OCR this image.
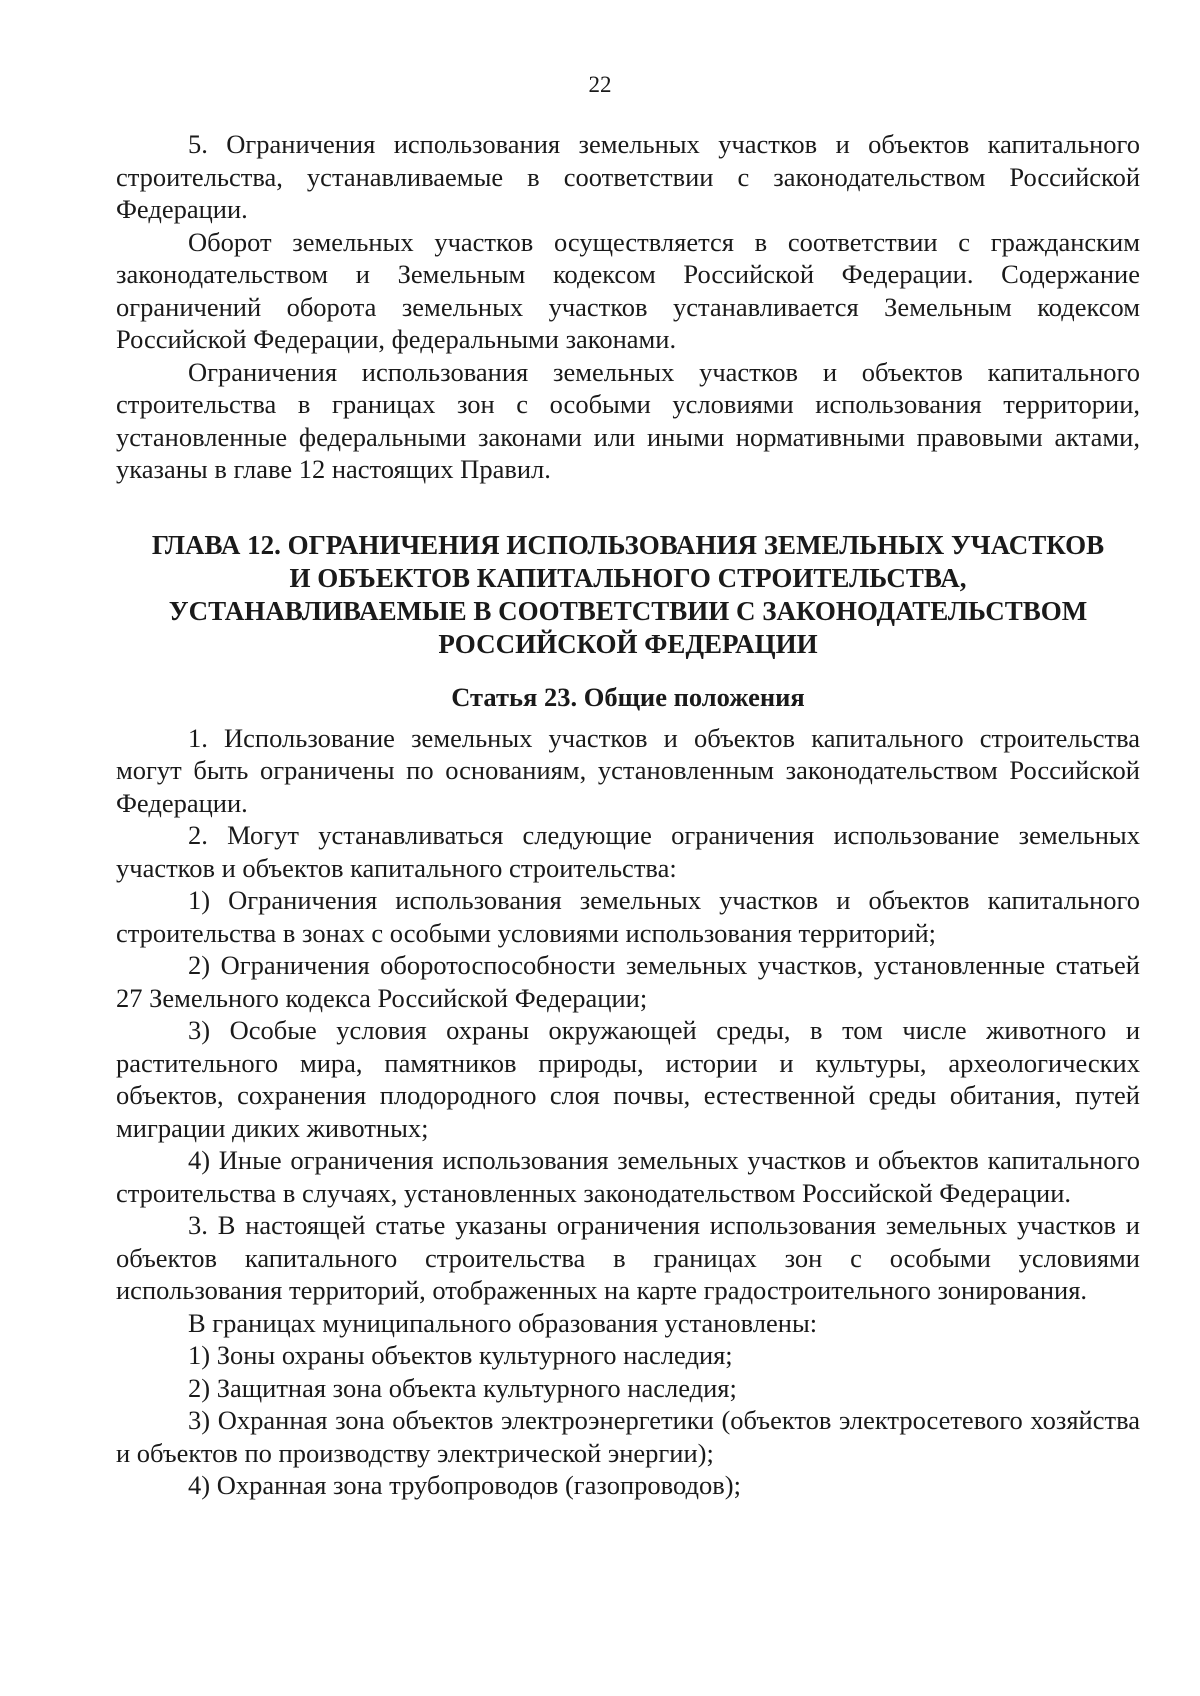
22

5. Ограничения использования земельных участков и объектов капитального строительства, устанавливаемые в соответствии с законодательством Российской Федерации.

Оборот земельных участков осуществляется в соответствии с гражданским законодательством и Земельным кодексом Российской Федерации. Содержание ограничений оборота земельных участков устанавливается Земельным кодексом Российской Федерации, федеральными законами.

Ограничения использования земельных участков и объектов капитального строительства в границах зон с особыми условиями использования территории, установленные федеральными законами или иными нормативными правовыми актами, указаны в главе 12 настоящих Правил.

ГЛАВА 12. ОГРАНИЧЕНИЯ ИСПОЛЬЗОВАНИЯ ЗЕМЕЛЬНЫХ УЧАСТКОВ
И ОБЪЕКТОВ КАПИТАЛЬНОГО СТРОИТЕЛЬСТВА,
УСТАНАВЛИВАЕМЫЕ В СООТВЕТСТВИИ С ЗАКОНОДАТЕЛЬСТВОМ
РОССИЙСКОЙ ФЕДЕРАЦИИ
Статья 23. Общие положения

1. Использование земельных участков и объектов капитального строительства могут быть ограничены по основаниям, установленным законодательством Российской Федерации.

2. Могут устанавливаться следующие ограничения использование земельных участков и объектов капитального строительства:

1) Ограничения использования земельных участков и объектов капитального строительства в зонах с особыми условиями использования территорий;

2) Ограничения оборотоспособности земельных участков, установленные статьей 27 Земельного кодекса Российской Федерации;

3) Особые условия охраны окружающей среды, в том числе животного и растительного мира, памятников природы, истории и культуры, археологических объектов, сохранения плодородного слоя почвы, естественной среды обитания, путей миграции диких животных;

4) Иные ограничения использования земельных участков и объектов капитального строительства в случаях, установленных законодательством Российской Федерации.

3. В настоящей статье указаны ограничения использования земельных участков и объектов капитального строительства в границах зон с особыми условиями использования территорий, отображенных на карте градостроительного зонирования.

В границах муниципального образования установлены:

1) Зоны охраны объектов культурного наследия;

2) Защитная зона объекта культурного наследия;

3) Охранная зона объектов электроэнергетики (объектов электросетевого хозяйства и объектов по производству электрической энергии);

4) Охранная зона трубопроводов (газопроводов);
